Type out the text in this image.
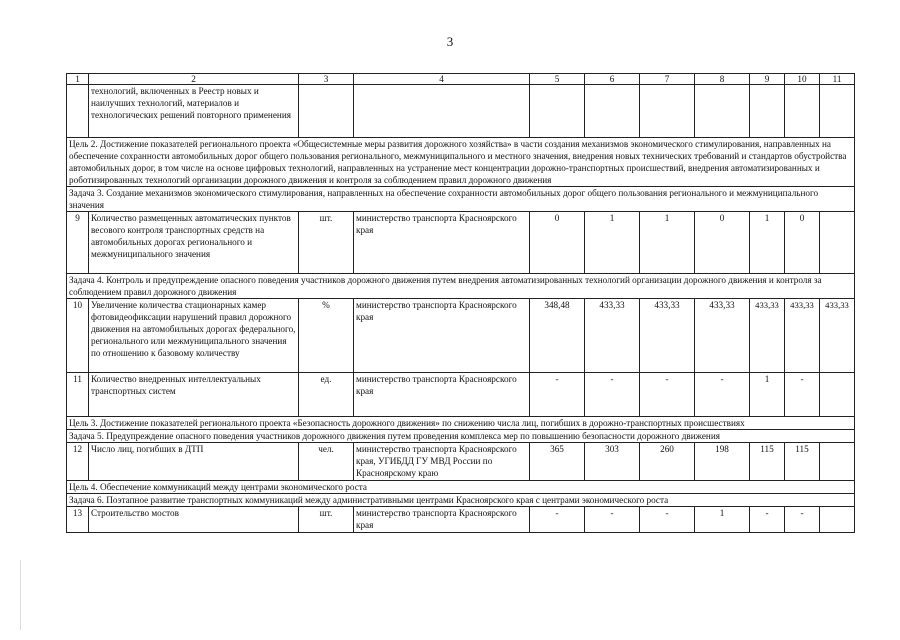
3
1	2	3	4	5	6	7	8	9	10	11
	технологий, включенных в Реестр новых и наилучших технологий, материалов и технологических решений повторного применения									
Цель 2. Достижение показателей регионального проекта «Общесистемные меры развития дорожного хозяйства» в части создания механизмов экономического стимулирования, направленных на обеспечение сохранности автомобильных дорог общего пользования регионального, межмуниципального и местного значения, внедрения новых технических требований и стандартов обустройства автомобильных дорог, в том числе на основе цифровых технологий, направленных на устранение мест концентрации дорожно-транспортных происшествий, внедрения автоматизированных и роботизированных технологий организации дорожного движения и контроля за соблюдением правил дорожного движения										
Задача 3. Создание механизмов экономического стимулирования, направленных на обеспечение сохранности автомобильных дорог общего пользования регионального и межмуниципального значения										
9	Количество размещенных автоматических пунктов весового контроля транспортных средств на автомобильных дорогах регионального и межмуниципального значения	шт.	министерство транспорта Красноярского края	0	1	1	0	1	0	
Задача 4. Контроль и предупреждение опасного поведения участников дорожного движения путем внедрения автоматизированных технологий организации дорожного движения и контроля за соблюдением правил дорожного движения										
10	Увеличение количества стационарных камер фотовидеофиксации нарушений правил дорожного движения на автомобильных дорогах федерального, регионального или межмуниципального значения по отношению к базовому количеству	%	министерство транспорта Красноярского края	348,48	433,33	433,33	433,33	433,33	433,33	433,33
11	Количество внедренных интеллектуальных транспортных систем	ед.	министерство транспорта Красноярского края	-	-	-	-	1	-	
Цель 3. Достижение показателей регионального проекта «Безопасность дорожного движения» по снижению числа лиц, погибших в дорожно-транспортных происшествиях										
Задача 5. Предупреждение опасного поведения участников дорожного движения путем проведения комплекса мер по повышению безопасности дорожного движения										
12	Число лиц, погибших в ДТП	чел.	министерство транспорта Красноярского края, УГИБДД ГУ МВД России по Красноярскому краю	365	303	260	198	115	115	
Цель 4. Обеспечение коммуникаций между центрами экономического роста										
Задача 6. Поэтапное развитие транспортных коммуникаций между административными центрами Красноярского края с центрами экономического роста										
13	Строительство мостов	шт.	министерство транспорта Красноярского края	-	-	-	1	-	-	
